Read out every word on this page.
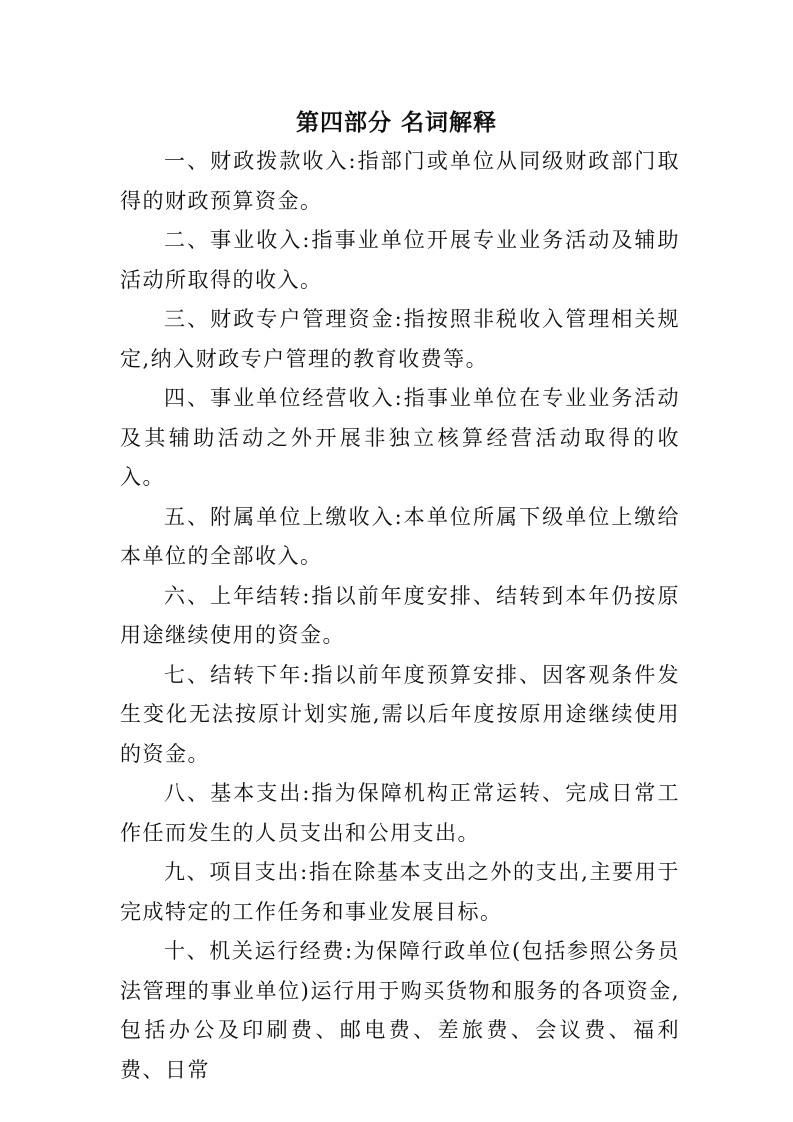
第四部分 名词解释

一、财政拨款收入:指部门或单位从同级财政部门取得的财政预算资金。

二、事业收入:指事业单位开展专业业务活动及辅助活动所取得的收入。

三、财政专户管理资金:指按照非税收入管理相关规定,纳入财政专户管理的教育收费等。

四、事业单位经营收入:指事业单位在专业业务活动及其辅助活动之外开展非独立核算经营活动取得的收入。

五、附属单位上缴收入:本单位所属下级单位上缴给本单位的全部收入。

六、上年结转:指以前年度安排、结转到本年仍按原用途继续使用的资金。

七、结转下年:指以前年度预算安排、因客观条件发生变化无法按原计划实施,需以后年度按原用途继续使用的资金。

八、基本支出:指为保障机构正常运转、完成日常工作任而发生的人员支出和公用支出。

九、项目支出:指在除基本支出之外的支出,主要用于完成特定的工作任务和事业发展目标。

十、机关运行经费:为保障行政单位(包括参照公务员法管理的事业单位)运行用于购买货物和服务的各项资金,包括办公及印刷费、邮电费、差旅费、会议费、福利费、日常
